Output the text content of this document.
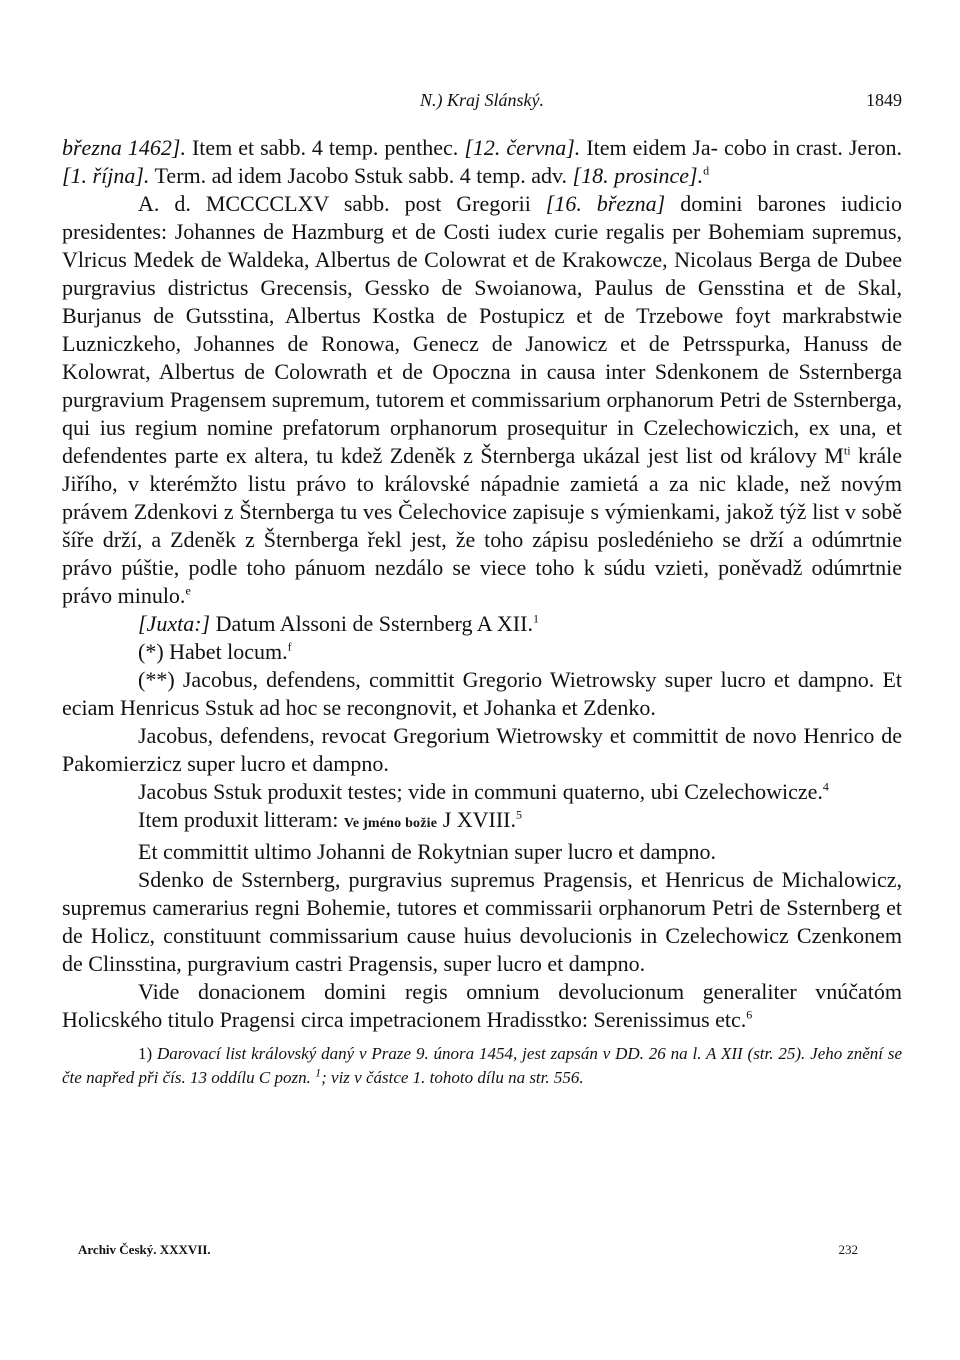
N.) Kraj Slánský.	1849

března 1462]. Item et sabb. 4 temp. penthec. [12. června]. Item eidem Ja- cobo in crast. Jeron. [1. října]. Term. ad idem Jacobo Sstuk sabb. 4 temp. adv. [18. prosince].$^d$

A. d. MCCCCLXV sabb. post Gregorii [16. března] domini barones iudicio presidentes: Johannes de Hazmburg et de Costi iudex curie regalis per Bohemiam supremus, Vlricus Medek de Waldeka, Albertus de Colowrat et de Krakowcze, Nicolaus Berga de Dubee purgravius districtus Grecensis, Gessko de Swoianowa, Paulus de Gensstina et de Skal, Burjanus de Gutsstina, Albertus Kostka de Postupicz et de Trzebowe foyt markrabstwie Luzniczkeho, Johannes de Ronowa, Genecz de Janowicz et de Petrsspurka, Hanuss de Kolowrat, Albertus de Colowrath et de Opoczna in causa inter Sdenkonem de Ssternberga purgravium Pragensem supremum, tutorem et commissarium orphanorum Petri de Ssternberga, qui ius regium nomine prefatorum orphanorum prosequitur in Czelechowiczich, ex una, et defendentes parte ex altera, tu kdež Zdeněk z Šternberga ukázal jest list od královy $M^{ti}$ krále Jiřího, v kterémžto listu právo to královské nápadnie zamietá a za nic klade, než novým právem Zdenkovi z Šternberga tu ves Čelechovice zapisuje s výmienkami, jakož týž list v sobě šíře drží, a Zdeněk z Šternberga řekl jest, že toho zápisu posledénieho se drží a odúmrtnie právo púštie, podle toho pánuom nezdálo se viece toho k súdu vzieti, poněvadž odúmrtnie právo minulo.$^e$

[Juxta:] Datum Alssoni de Ssternberg A XII.$^1$

(*) Habet locum.$^f$

(**) Jacobus, defendens, committit Gregorio Wietrowsky super lucro et dampno. Et eciam Henricus Sstuk ad hoc se recongnovit, et Johanka et Zdenko.

Jacobus, defendens, revocat Gregorium Wietrowsky et committit de novo Henrico de Pakomierzicz super lucro et dampno.

Jacobus Sstuk produxit testes; vide in communi quaterno, ubi Czelechowicze.$^4$

Item produxit litteram: Ve jméno božie J XVIII.$^5$

Et committit ultimo Johanni de Rokytnian super lucro et dampno.

Sdenko de Ssternberg, purgravius supremus Pragensis, et Henricus de Michalowicz, supremus camerarius regni Bohemie, tutores et commissarii orphanorum Petri de Ssternberg et de Holicz, constituunt commissarium cause huius devolucionis in Czelechowicz Czenkonem de Clinsstina, purgravium castri Pragensis, super lucro et dampno.

Vide donacionem domini regis omnium devolucionum generaliter vnúčatóm Holicského titulo Pragensi circa impetracionem Hradisstko: Serenissimus etc.$^6$

1) Darovací list královský daný v Praze 9. února 1454, jest zapsán v DD. 26 na l. A XII (str. 25). Jeho znění se čte napřed při čís. 13 oddílu C pozn. $^1$; viz v částce 1. tohoto dílu na str. 556.

Archiv Český. XXXVII.	232
